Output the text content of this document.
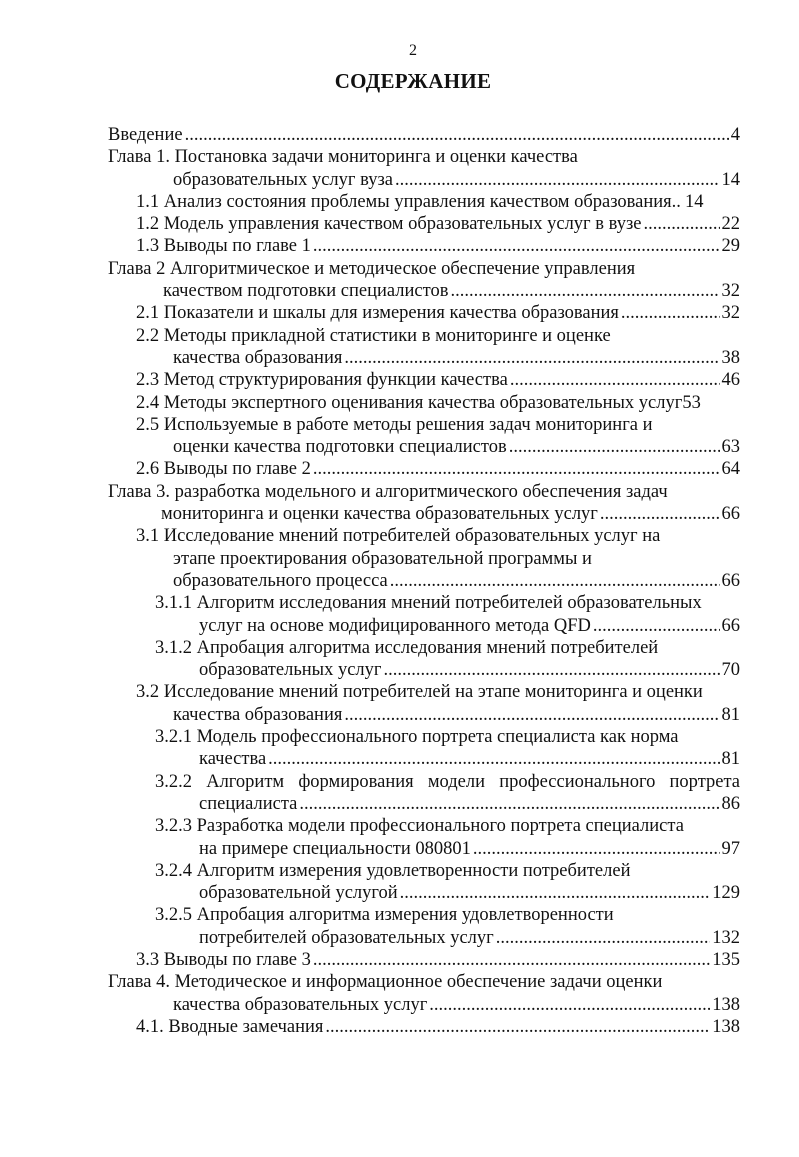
2
СОДЕРЖАНИЕ
Введение .....	4
Глава 1. Постановка задачи мониторинга и оценки качества
образовательных услуг вуза .....	14
1.1 Анализ состояния проблемы управления качеством образования.. 14
1.2 Модель управления качеством образовательных услуг в вузе .....	22
1.3 Выводы по главе 1 .....	29
Глава 2 Алгоритмическое и методическое обеспечение управления
качеством подготовки специалистов .....	32
2.1 Показатели и шкалы для измерения качества образования .....	32
2.2 Методы прикладной статистики в мониторинге и оценке
качества образования .....	38
2.3 Метод структурирования функции качества .....	46
2.4 Методы экспертного оценивания качества образовательных услуг 53
2.5 Используемые в работе методы решения задач мониторинга и
оценки качества подготовки специалистов .....	63
2.6 Выводы по главе 2 .....	64
Глава 3. разработка модельного и алгоритмического обеспечения задач
мониторинга и оценки качества образовательных услуг .....	66
3.1 Исследование мнений потребителей образовательных услуг на
этапе проектирования образовательной программы и
образовательного процесса .....	66
3.1.1 Алгоритм исследования мнений потребителей образовательных
услуг на основе модифицированного метода QFD .....	66
3.1.2 Апробация алгоритма исследования мнений потребителей
образовательных услуг .....	70
3.2 Исследование мнений потребителей на этапе мониторинга и оценки
качества образования .....	81
3.2.1 Модель профессионального портрета специалиста как норма
качества .....	81
3.2.2 Алгоритм формирования модели профессионального портрета
специалиста .....	86
3.2.3 Разработка модели профессионального портрета специалиста
на примере специальности 080801 .....	97
3.2.4 Алгоритм измерения удовлетворенности потребителей
образовательной услугой .....	129
3.2.5 Апробация алгоритма измерения удовлетворенности
потребителей образовательных услуг .....	132
3.3 Выводы по главе 3 .....	135
Глава 4. Методическое и информационное обеспечение задачи оценки
качества образовательных услуг .....	138
4.1. Вводные замечания .....	138
